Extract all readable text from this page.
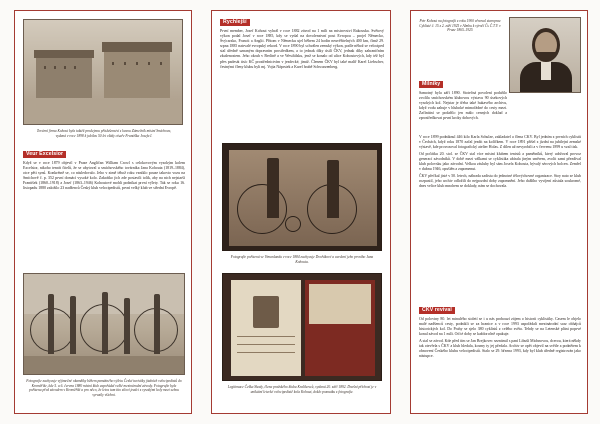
Tovární firma Kohout byla taktéž prodejnou příslušenství s kavou Zámečník místní Smíchova, vydaná v roce 1898 k jubileu 50 let vlády císaře Františka Josefa I.
Veur Excelsior

Když se v roce 1879 objevil v Praze Angličan William Crowl s celokovovým vysokým kolem Excelsior, nikoho tenrát čitelů, že se ubytoval u smíchovského továrníka Jana Kohouta (1819–1884), otce pěti synů. Konkrétně se, co následovalo. Jeho v zimě téhož roku vzniklo pouze takovto vozu na Smíchově č. p. 352 první domácí vysoké kolo. Zakrátko jich zde postavili tolik, aby na nich nejstarší František (1860–1918) a Josef (1863–1946) Kohoutové mohli podnikat první výlety. Tak se roku 16. listopadu 1880 založilo 23 nadšenců Český klub velocipedistů, první velký klub ve střední Evropě.

Fotografie zachycuje výjimečné okamžiky během památného výletu České turistiky jízdních velocipedistů do Kroměříže, kde 5. a 6. června 1880 místní klub uspořádal velké mezinárodní závody. Fotografie byla pořízena před závodem v Kroměříži a pro něco, že letos tam tito siloví jezdci z vysokými koly mezi sebou vyrazily všichni.
Rychlejší

První member, Josef Kohout vyhrál v roce 1882 závod na 1 míli na mistrovství Rakouska. Světový výkon podal Josef v roce 1885, kdy se vydal na dovolenstvní pout Evropou – projel Německo, Švýcarsko, Francii a Anglii. Přitom v Německu ujel během 24 hodin neuvěřitelných 400 km, čímž 29. srpna 1885 natrvalé evropský rekord. V roce 1890 byl schválen zemský výkon, podle něhož se velociped stal úředně uznaným dopravním prostředkem, a to jednak díky úsilí ČKV, jednak díky zahraničním zkušenostem. Jeho okruh v Berlíně a ve Westfálsku, jenž se konalo od ulice Kohoutových, kdy též byl přes padesát tisíc KČ prostřednictvím v jezdecké, jimiž. Členem ČKV byl také malíř Karel Liebscher, čestnými členy klubu byli mj. Vojta Náprstek a Karel hrabě Schwarzenberg.

Fotografie pořízená ve Vimanlandu v roce 1884 zachycuje Dvořákové a uvedení jeho prvního Jana Kohouta.
Legitimace Češka Skody, člena pražského klubu Kralikovců, vydaná 20. září 1892. Dnešní příchozí je v unikátní letecké velocipedistě kola Kohout, doklo poznatku z fotografie.
Petr Kohout na fotografii z roku 1900 věnoval staropraz Cyklisté č. 15 z 2. září 1925 v Almbu k výročí Čs Č.T.V. v Praze 1865–1925
Milníky

Samotný byla září 1890. Stotečná povolení podařilo zvolila smíchovském klubovou výstavu 90 úsekových vysokých kol. Nejstar je třeba také hukavého archivu, když vodu zahuje v hluboké mimořádné do cesty mezi. Začínátní se podařilo jen málo cenných doklad a zprostředkovat první kroky dobových.

V roce 1899 podniknul 446 kilo Karla Schulze, zakladatel a člena ČKV. Byl jedním z prvních cyklistů v Čechách, když roku 1870 začal jezdit na kolíčkem. V roce 1891 přišel z jízdní na jubilejní zemské výstavě, kde provozoval fotografický atelier Holas. Z dílen už nevyrobili a v červenu 1899 u vzal tisk.

Od počátku 20. stol. se ČKV stal více místní klubem tenistů a pamětníků, který udržoval provoz generací závodníků. V době mezi válkami se cyklistika ubírala jiným směrem, zvolit sami přezdíval klub polovsku jako závodní. Velkou zásluhy byl sám Josefa Kohouta, bývalý sérových bolcen. Zemřel v dubnu 1946, opuštěn a zapomenut.

ČKV přečkal jisté v 50. letech, náhrada sadistu do jednotné tělovýchovné organizace. Stoy nato se klub rozpustil, jeho archiv odložili do nejpozdní doby zapomnění. Jeho dalšího vyvíjení zůstala soukromé, dnes velice klub mnohem se doklady, nám se dochovala.

ČKV revival

Od poloviny 80. let minulého století se i u nás probouzí zájem o historii cyklistiky. Časem le objelo malé nadšenců cesty, podnikli se za hranice a v roce 1993 uspořádali mezinárodní sraz obhájců historických kol. Do Prahy se sjelo 380 cyklistů z celého světa. Tehdy se na Letenské pláni poprvé konal závod na 1 míli. Od té doby se každoročně opakuje.

A stal se závod. Kde před tím se Jan Brejkovec seznámil s paní Libuší Michnovou, dcerou, která někdy tak otevřela s ČKV a klub hledala, kosmy ty jej předala. Archiv se opět objevil na světle a podnětem k obnovení Českého klubu velocipedistů. Stalo se 29. března 1993, kdy byl klub úředně registrován jako nástupce.
